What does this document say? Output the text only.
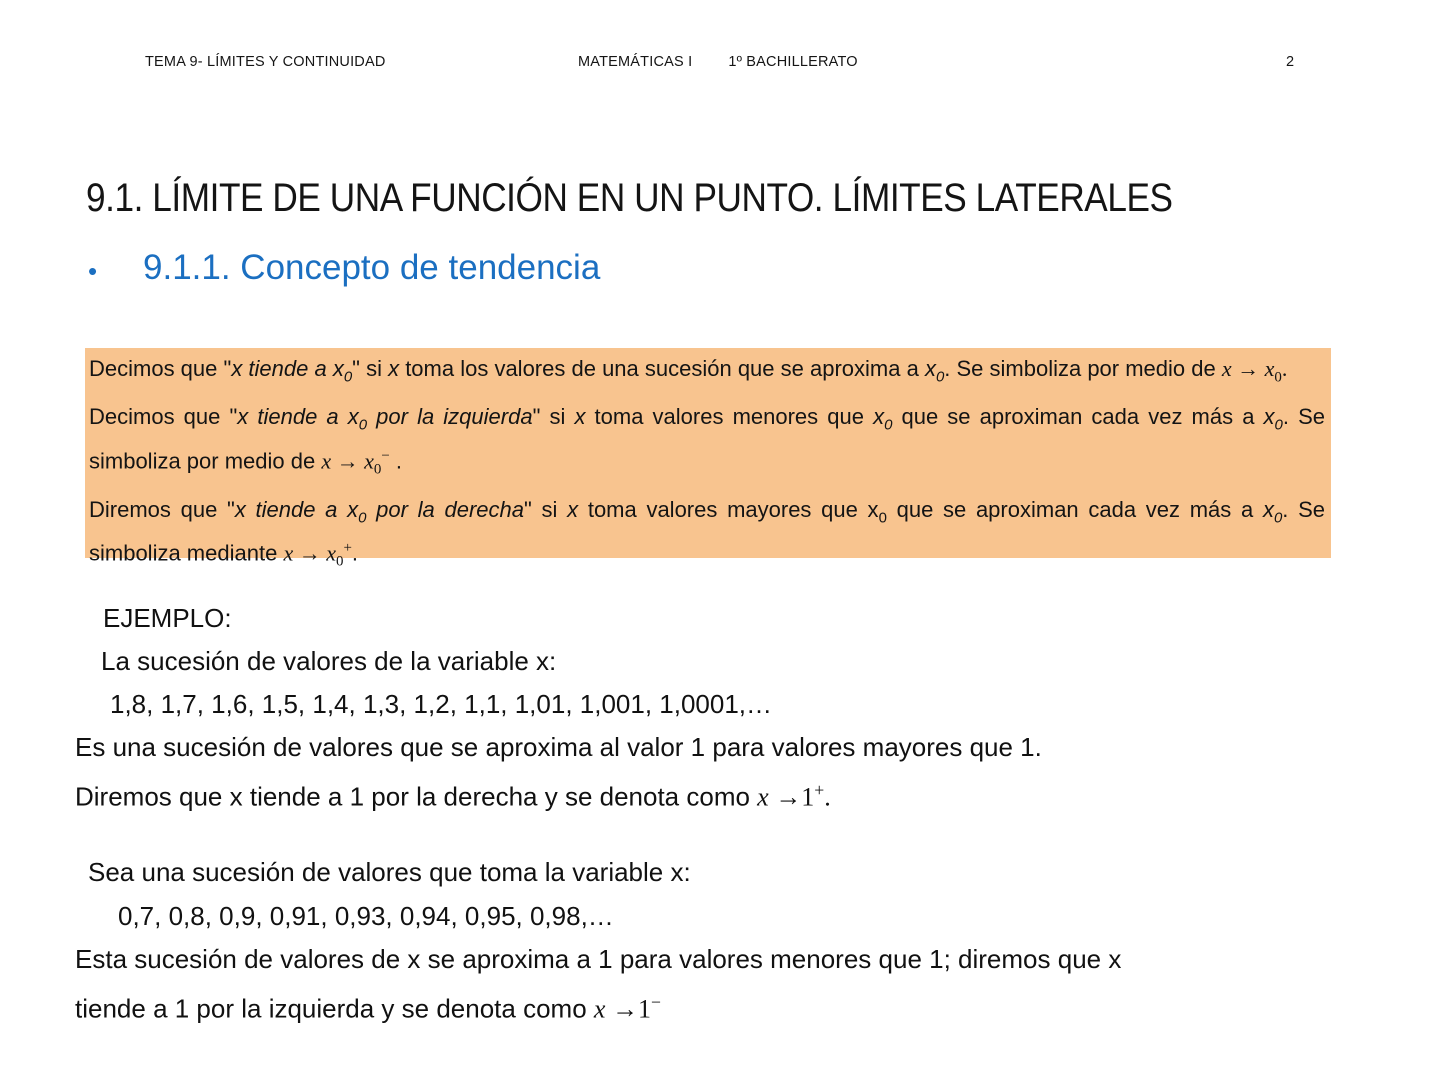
TEMA 9- LÍMITES Y CONTINUIDAD	MATEMÁTICAS I 1º BACHILLERATO	2
9.1. LÍMITE DE UNA FUNCIÓN EN UN PUNTO. LÍMITES LATERALES
• 9.1.1. Concepto de tendencia

Decimos que "x tiende a $x_0$" si x toma los valores de una sucesión que se aproxima a $x_0$. Se simboliza por medio de $x \to x_0$.

Decimos que "x tiende a $x_0$ por la izquierda" si x toma valores menores que $x_0$ que se aproximan cada vez más a $x_0$. Se simboliza por medio de $x \to x_0^-$ .

Diremos que "x tiende a $x_0$ por la derecha" si x toma valores mayores que $x_0$ que se aproximan cada vez más a $x_0$. Se simboliza mediante $x \to x_0^+$.

EJEMPLO:
La sucesión de valores de la variable x:
1,8, 1,7, 1,6, 1,5, 1,4, 1,3, 1,2, 1,1, 1,01, 1,001, 1,0001,…
Es una sucesión de valores que se aproxima al valor 1 para valores mayores que 1.
Diremos que x tiende a 1 por la derecha y se denota como x →1+.
Sea una sucesión de valores que toma la variable x:
0,7, 0,8, 0,9, 0,91, 0,93, 0,94, 0,95, 0,98,…
Esta sucesión de valores de x se aproxima a 1 para valores menores que 1; diremos que x
tiende a 1 por la izquierda y se denota como x →1−
